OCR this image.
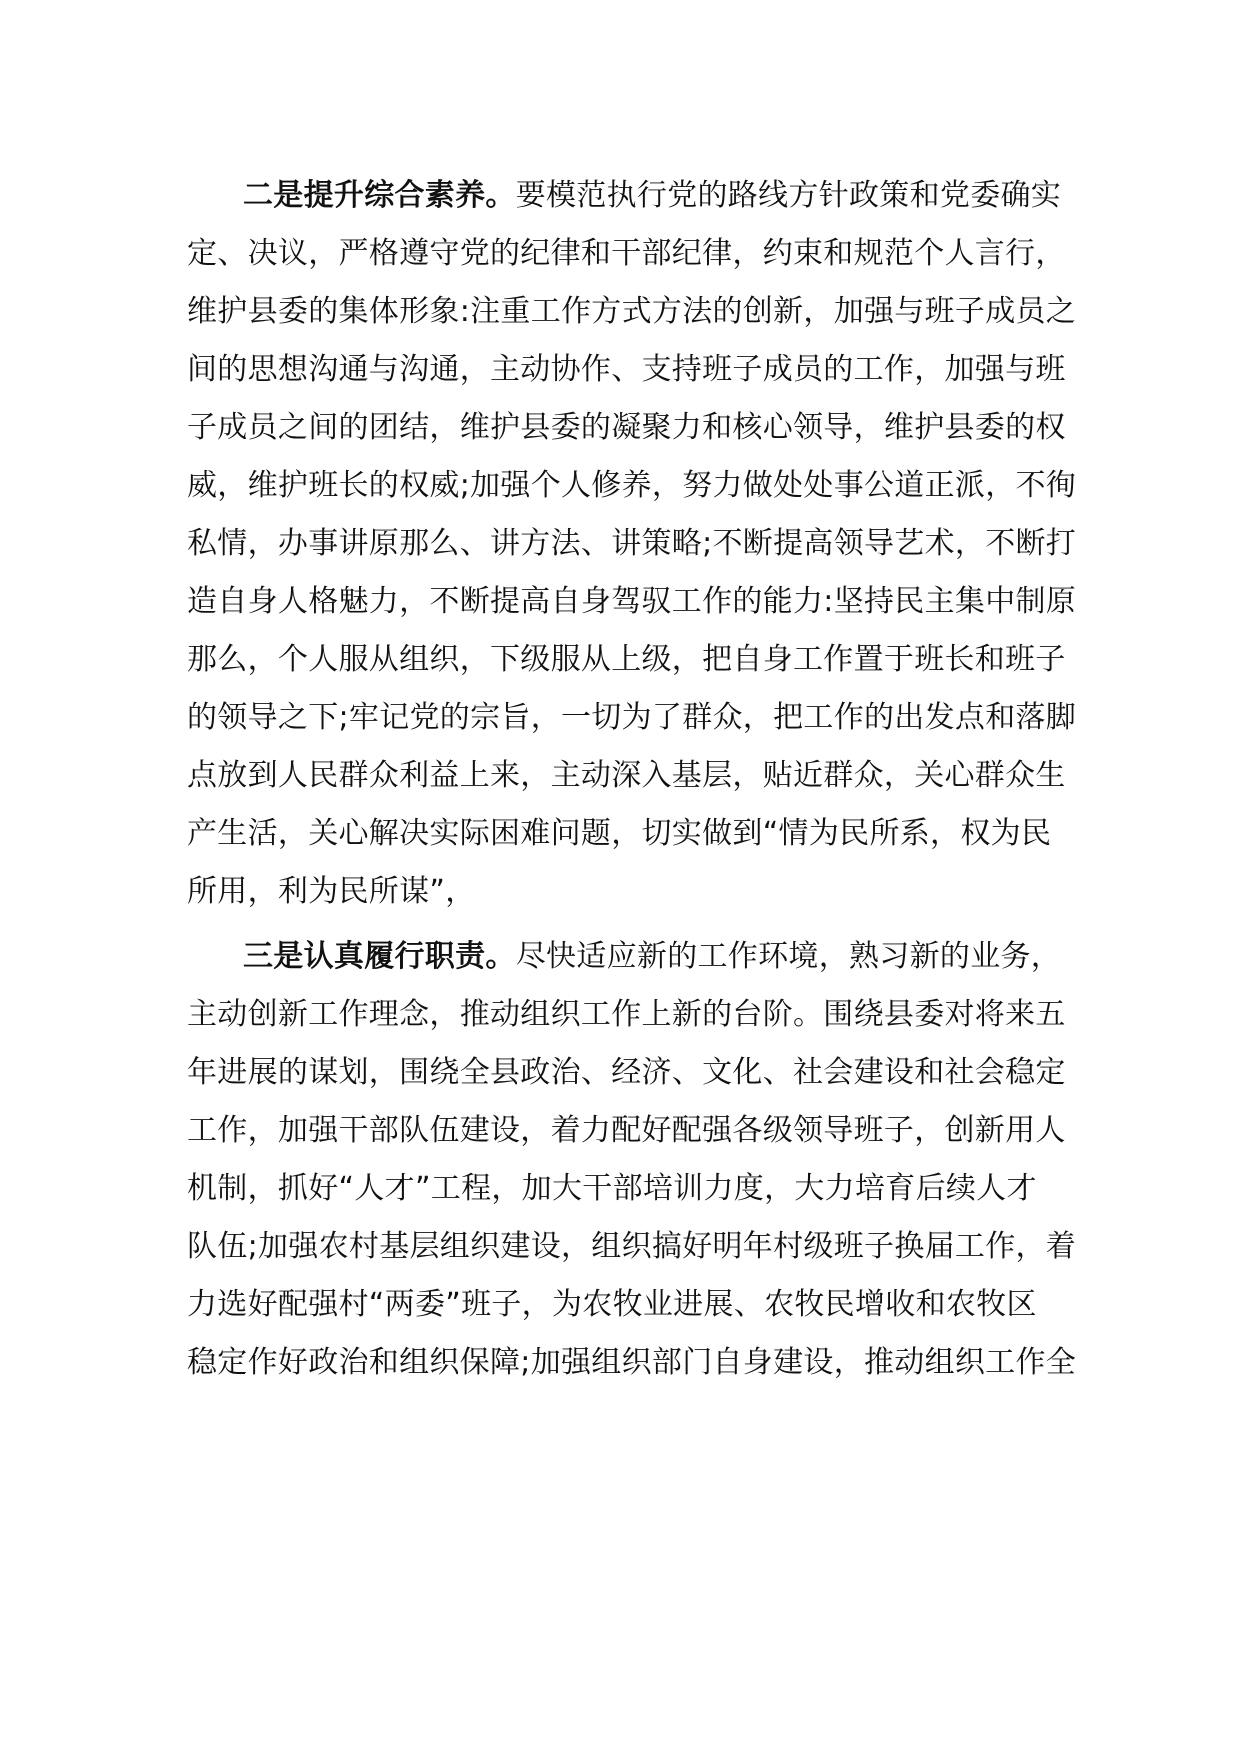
二是提升综合素养。要模范执行党的路线方针政策和党委确实
定、决议，严格遵守党的纪律和干部纪律，约束和规范个人言行，
维护县委的集体形象:注重工作方式方法的创新，加强与班子成员之
间的思想沟通与沟通，主动协作、支持班子成员的工作，加强与班
子成员之间的团结，维护县委的凝聚力和核心领导，维护县委的权
威，维护班长的权威;加强个人修养，努力做处处事公道正派，不徇
私情，办事讲原那么、讲方法、讲策略;不断提高领导艺术，不断打
造自身人格魅力，不断提高自身驾驭工作的能力:坚持民主集中制原
那么，个人服从组织，下级服从上级，把自身工作置于班长和班子
的领导之下;牢记党的宗旨，一切为了群众，把工作的出发点和落脚
点放到人民群众利益上来，主动深入基层，贴近群众，关心群众生
产生活，关心解决实际困难问题，切实做到“情为民所系，权为民
所用，利为民所谋”，
三是认真履行职责。尽快适应新的工作环境，熟习新的业务，
主动创新工作理念，推动组织工作上新的台阶。围绕县委对将来五
年进展的谋划，围绕全县政治、经济、文化、社会建设和社会稳定
工作，加强干部队伍建设，着力配好配强各级领导班子，创新用人
机制，抓好“人才”工程，加大干部培训力度，大力培育后续人才
队伍;加强农村基层组织建设，组织搞好明年村级班子换届工作，着
力选好配强村“两委”班子，为农牧业进展、农牧民增收和农牧区
稳定作好政治和组织保障;加强组织部门自身建设，推动组织工作全
